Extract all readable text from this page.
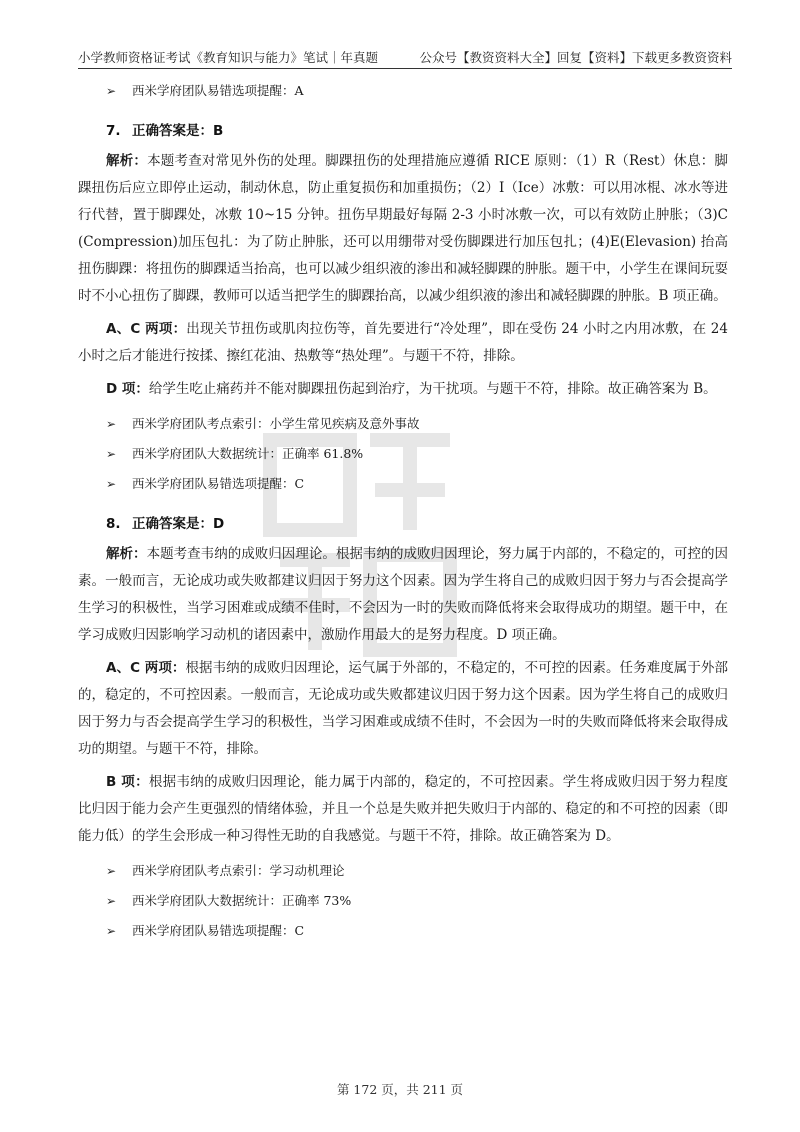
小学教师资格证考试《教育知识与能力》笔试｜年真题	公众号【教资资料大全】回复【资料】下载更多教资资料
➢	西米学府团队易错选项提醒：A
7. 正确答案是：B

解析：本题考查对常见外伤的处理。脚踝扭伤的处理措施应遵循 RICE 原则：（1）R（Rest）休息：脚踝扭伤后应立即停止运动，制动休息，防止重复损伤和加重损伤；（2）I（Ice）冰敷：可以用冰棍、冰水等进行代替，置于脚踝处，冰敷 10~15 分钟。扭伤早期最好每隔 2-3 小时冰敷一次，可以有效防止肿胀；（3)C(Compression)加压包扎：为了防止肿胀，还可以用绷带对受伤脚踝进行加压包扎；(4)E(Elevasion) 抬高扭伤脚踝：将扭伤的脚踝适当抬高，也可以减少组织液的渗出和减轻脚踝的肿胀。题干中，小学生在课间玩耍时不小心扭伤了脚踝，教师可以适当把学生的脚踝抬高，以减少组织液的渗出和减轻脚踝的肿胀。B 项正确。

A、C 两项：出现关节扭伤或肌肉拉伤等，首先要进行“冷处理”，即在受伤 24 小时之内用冰敷，在 24 小时之后才能进行按揉、擦红花油、热敷等“热处理”。与题干不符，排除。

D 项：给学生吃止痛药并不能对脚踝扭伤起到治疗，为干扰项。与题干不符，排除。故正确答案为 B。

➢	西米学府团队考点索引：小学生常见疾病及意外事故
➢	西米学府团队大数据统计：正确率 61.8%
➢	西米学府团队易错选项提醒：C
8. 正确答案是：D

解析：本题考查韦纳的成败归因理论。根据韦纳的成败归因理论，努力属于内部的，不稳定的，可控的因素。一般而言，无论成功或失败都建议归因于努力这个因素。因为学生将自己的成败归因于努力与否会提高学生学习的积极性，当学习困难或成绩不佳时，不会因为一时的失败而降低将来会取得成功的期望。题干中，在学习成败归因影响学习动机的诸因素中，激励作用最大的是努力程度。D 项正确。

A、C 两项：根据韦纳的成败归因理论，运气属于外部的，不稳定的，不可控的因素。任务难度属于外部的，稳定的，不可控因素。一般而言，无论成功或失败都建议归因于努力这个因素。因为学生将自己的成败归因于努力与否会提高学生学习的积极性，当学习困难或成绩不佳时，不会因为一时的失败而降低将来会取得成功的期望。与题干不符，排除。

B 项：根据韦纳的成败归因理论，能力属于内部的，稳定的，不可控因素。学生将成败归因于努力程度比归因于能力会产生更强烈的情绪体验，并且一个总是失败并把失败归于内部的、稳定的和不可控的因素（即能力低）的学生会形成一种习得性无助的自我感觉。与题干不符，排除。故正确答案为 D。

➢	西米学府团队考点索引：学习动机理论
➢	西米学府团队大数据统计：正确率 73%
➢	西米学府团队易错选项提醒：C
第 172 页，共 211 页
